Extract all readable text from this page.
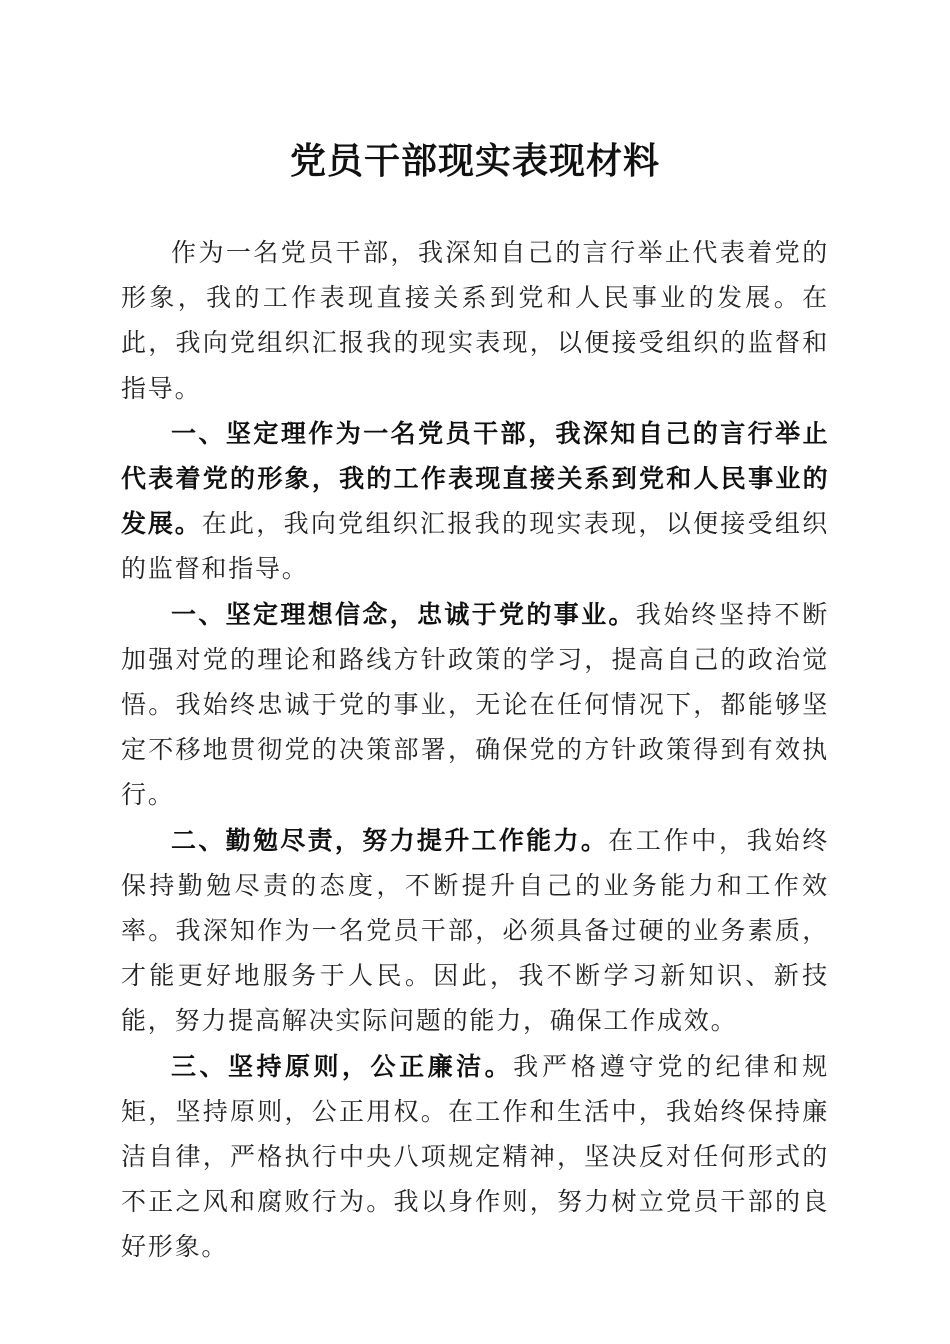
党员干部现实表现材料

作为一名党员干部，我深知自己的言行举止代表着党的形象，我的工作表现直接关系到党和人民事业的发展。在此，我向党组织汇报我的现实表现，以便接受组织的监督和指导。

一、坚定理作为一名党员干部，我深知自己的言行举止代表着党的形象，我的工作表现直接关系到党和人民事业的发展。在此，我向党组织汇报我的现实表现，以便接受组织的监督和指导。

一、坚定理想信念，忠诚于党的事业。我始终坚持不断加强对党的理论和路线方针政策的学习，提高自己的政治觉悟。我始终忠诚于党的事业，无论在任何情况下，都能够坚定不移地贯彻党的决策部署，确保党的方针政策得到有效执行。

二、勤勉尽责，努力提升工作能力。在工作中，我始终保持勤勉尽责的态度，不断提升自己的业务能力和工作效率。我深知作为一名党员干部，必须具备过硬的业务素质，才能更好地服务于人民。因此，我不断学习新知识、新技能，努力提高解决实际问题的能力，确保工作成效。

三、坚持原则，公正廉洁。我严格遵守党的纪律和规矩，坚持原则，公正用权。在工作和生活中，我始终保持廉洁自律，严格执行中央八项规定精神，坚决反对任何形式的不正之风和腐败行为。我以身作则，努力树立党员干部的良好形象。
